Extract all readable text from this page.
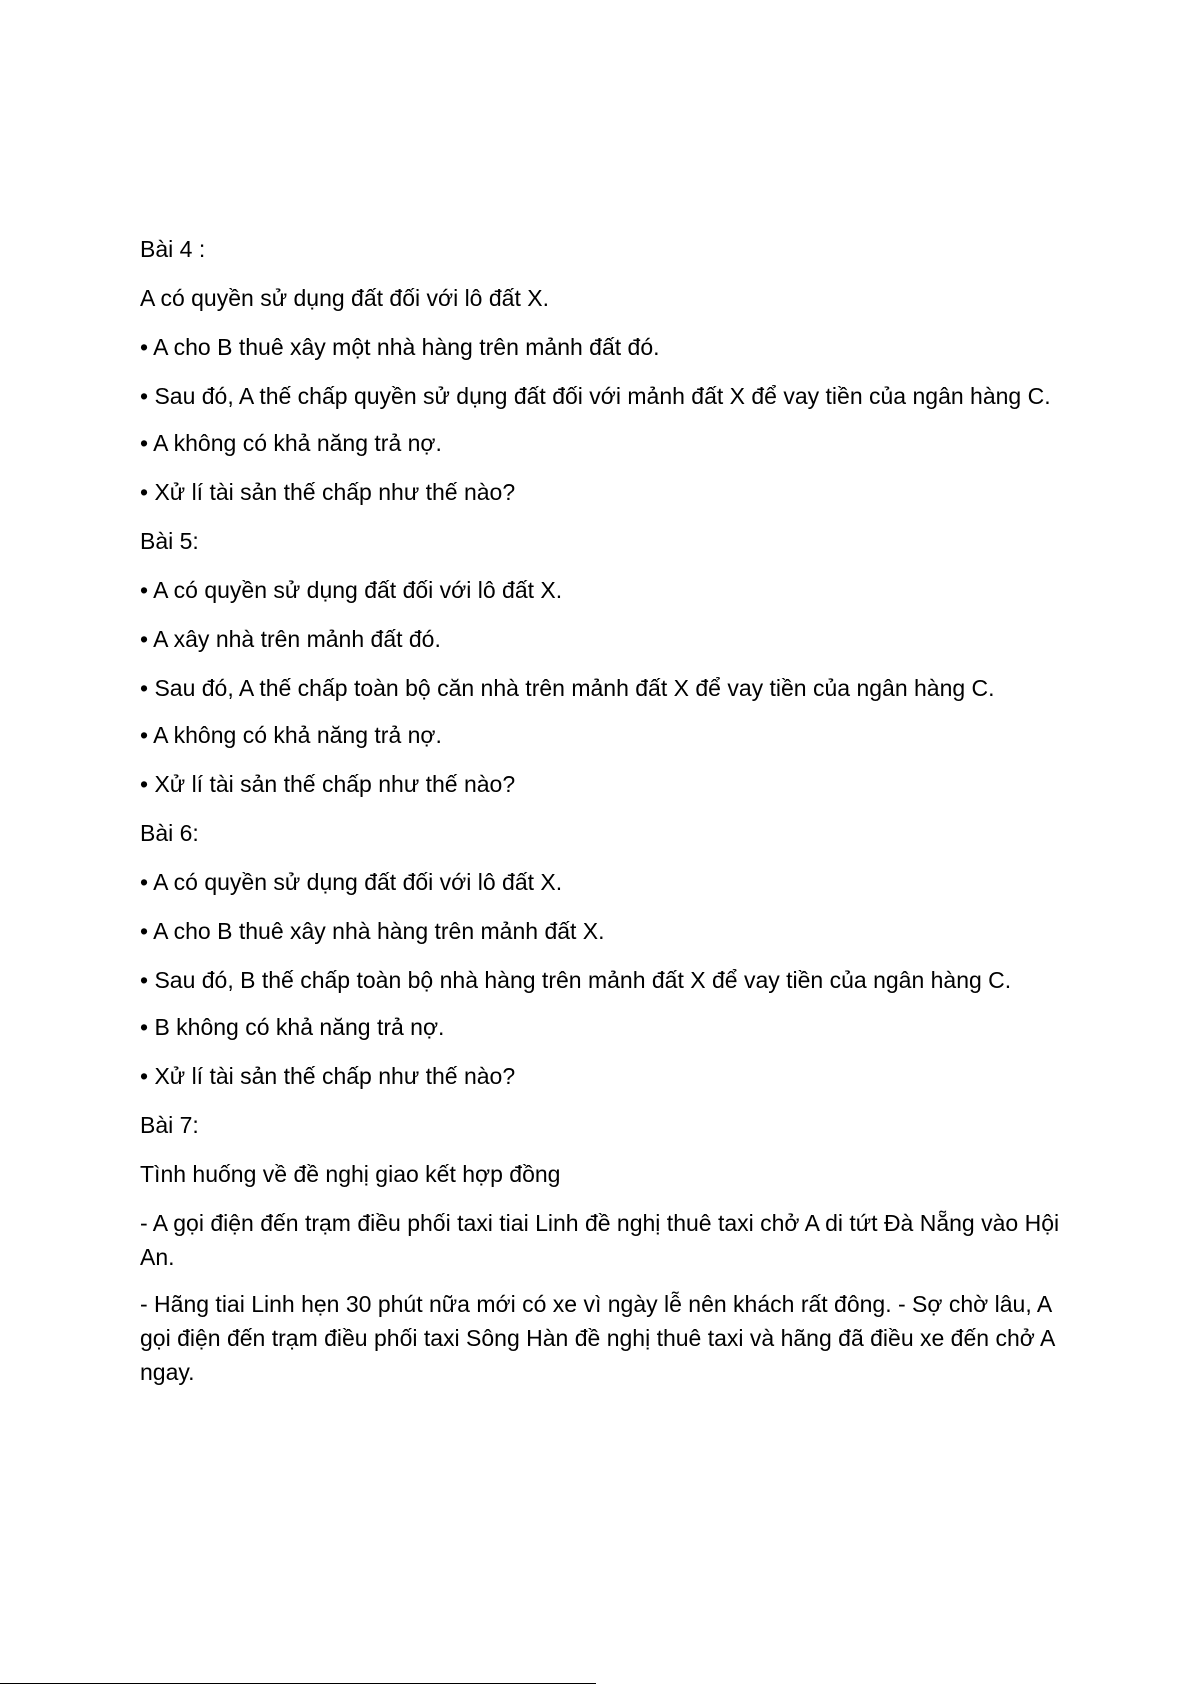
Bài 4 :

A có quyền sử dụng đất đối với lô đất X.

• A cho B thuê xây một nhà hàng trên mảnh đất đó.

• Sau đó, A thế chấp quyền sử dụng đất đối với mảnh đất X để vay tiền của ngân hàng C.

• A không có khả năng trả nợ.

• Xử lí tài sản thế chấp như thế nào?

Bài 5:

• A có quyền sử dụng đất đối với lô đất X.

• A xây nhà trên mảnh đất đó.

• Sau đó, A thế chấp toàn bộ căn nhà trên mảnh đất X để vay tiền của ngân hàng C.

• A không có khả năng trả nợ.

• Xử lí tài sản thế chấp như thế nào?

Bài 6:

• A có quyền sử dụng đất đối với lô đất X.

• A cho B thuê xây nhà hàng trên mảnh đất X.

• Sau đó, B thế chấp toàn bộ nhà hàng trên mảnh đất X để vay tiền của ngân hàng C.

• B không có khả năng trả nợ.

• Xử lí tài sản thế chấp như thế nào?

Bài 7:

Tình huống về đề nghị giao kết hợp đồng

- A gọi điện đến trạm điều phối taxi tiai Linh đề nghị thuê taxi chở A di tứt Đà Nẵng vào Hội An.

- Hãng tiai Linh hẹn 30 phút nữa mới có xe vì ngày lễ nên khách rất đông. - Sợ chờ lâu, A gọi điện đến trạm điều phối taxi Sông Hàn đề nghị thuê taxi và hãng đã điều xe đến chở A ngay.
